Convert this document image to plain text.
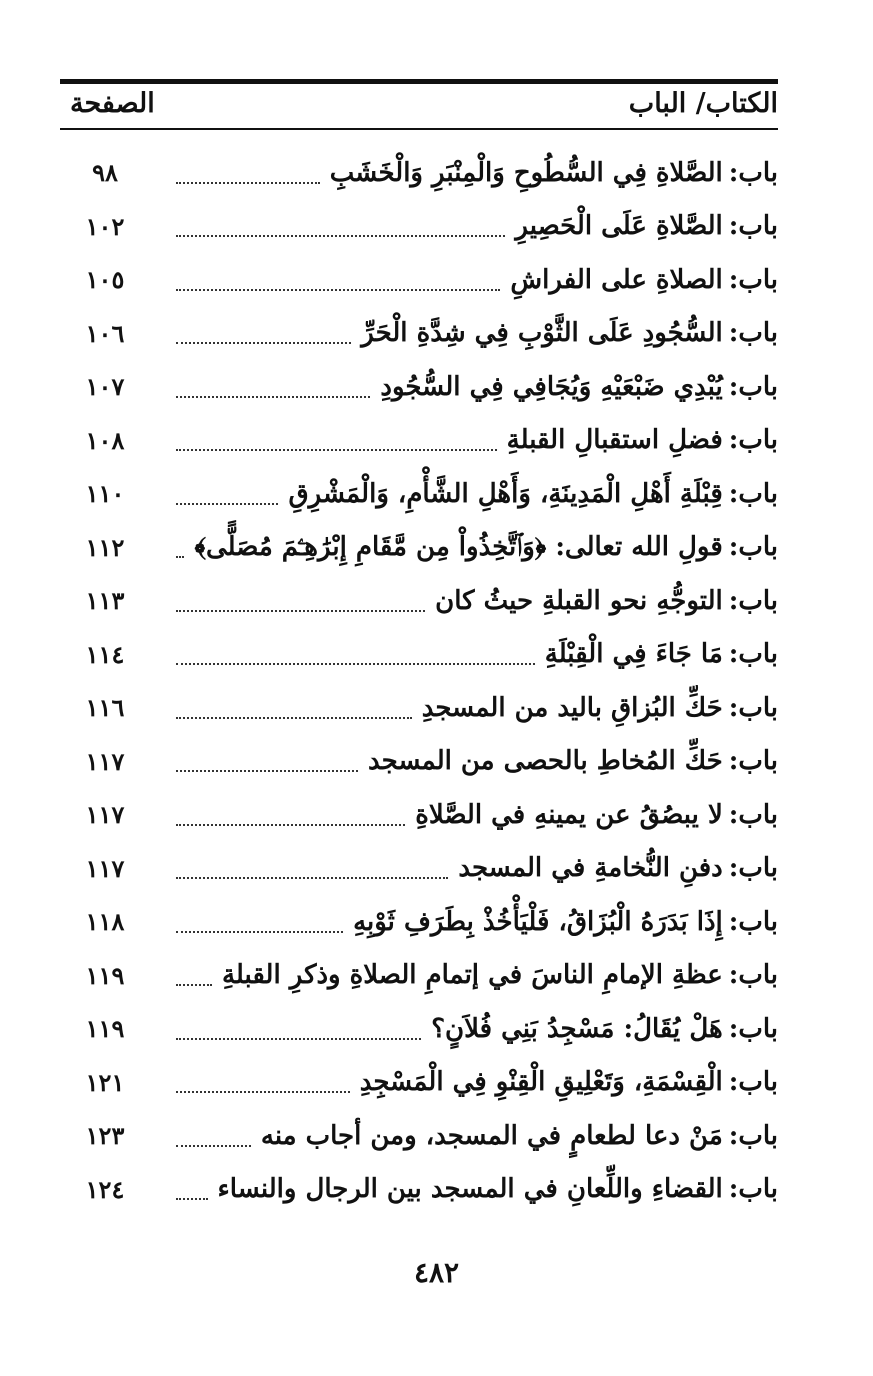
الكتاب/ الباب
الصفحة
باب:
الصَّلاةِ فِي السُّطُوحِ وَالْمِنْبَرِ وَالْخَشَبِ
٩٨
باب:
الصَّلاةِ عَلَى الْحَصِيرِ
١٠٢
باب:
الصلاةِ على الفراشِ
١٠٥
باب:
السُّجُودِ عَلَى الثَّوْبِ فِي شِدَّةِ الْحَرِّ
١٠٦
باب:
يُبْدِي ضَبْعَيْهِ وَيُجَافِي فِي السُّجُودِ
١٠٧
باب:
فضلِ استقبالِ القبلةِ
١٠٨
باب:
قِبْلَةِ أَهْلِ الْمَدِينَةِ، وَأَهْلِ الشَّأْمِ، وَالْمَشْرِقِ
١١٠
باب:
قولِ الله تعالى: ﴿وَٱتَّخِذُواْ مِن مَّقَامِ إِبْرَٰهِـۧمَ مُصَلًّى﴾
١١٢
باب:
التوجُّهِ نحو القبلةِ حيثُ كان
١١٣
باب:
مَا جَاءَ فِي الْقِبْلَةِ
١١٤
باب:
حَكِّ البُزاقِ باليد من المسجدِ
١١٦
باب:
حَكِّ المُخاطِ بالحصى من المسجد
١١٧
باب:
لا يبصُقُ عن يمينهِ في الصَّلاةِ
١١٧
باب:
دفنِ النُّخامةِ في المسجد
١١٧
باب:
إِذَا بَدَرَهُ الْبُزَاقُ، فَلْيَأْخُذْ بِطَرَفِ ثَوْبِهِ
١١٨
باب:
عظةِ الإمامِ الناسَ في إتمامِ الصلاةِ وذكرِ القبلةِ
١١٩
باب:
هَلْ يُقَالُ: مَسْجِدُ بَنِي فُلاَنٍ؟
١١٩
باب:
الْقِسْمَةِ، وَتَعْلِيقِ الْقِنْوِ فِي الْمَسْجِدِ
١٢١
باب:
مَنْ دعا لطعامٍ في المسجد، ومن أجاب منه
١٢٣
باب:
القضاءِ واللِّعانِ في المسجد بين الرجال والنساء
١٢٤
٤٨٢
